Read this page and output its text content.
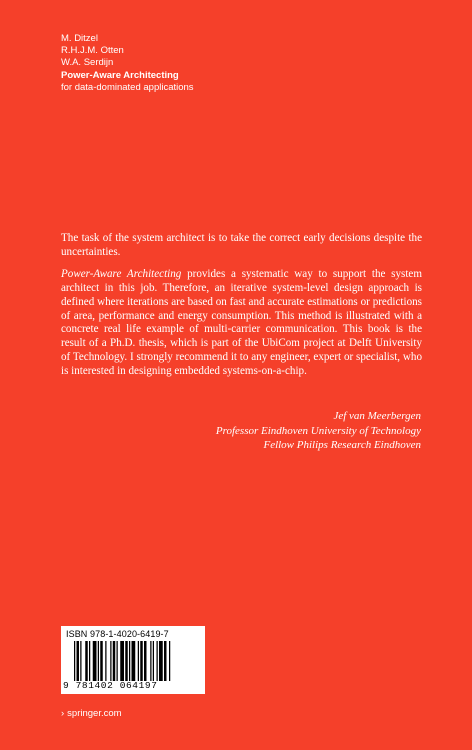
M. Ditzel
R.H.J.M. Otten
W.A. Serdijn
Power-Aware Architecting
for data-dominated applications

The task of the system architect is to take the correct early decisions despite the uncertainties.

Power-Aware Architecting provides a systematic way to support the system architect in this job. Therefore, an iterative system-level design approach is defined where iterations are based on fast and accurate estimations or predictions of area, performance and energy consumption. This method is illustrated with a concrete real life example of multi-carrier communication. This book is the result of a Ph.D. thesis, which is part of the UbiCom project at Delft University of Technology. I strongly recommend it to any engineer, expert or specialist, who is interested in designing embedded systems-on-a-chip.

Jef van Meerbergen
Professor Eindhoven University of Technology
Fellow Philips Research Eindhoven
ISBN 978-1-4020-6419-7
9 781402 064197
› springer.com
